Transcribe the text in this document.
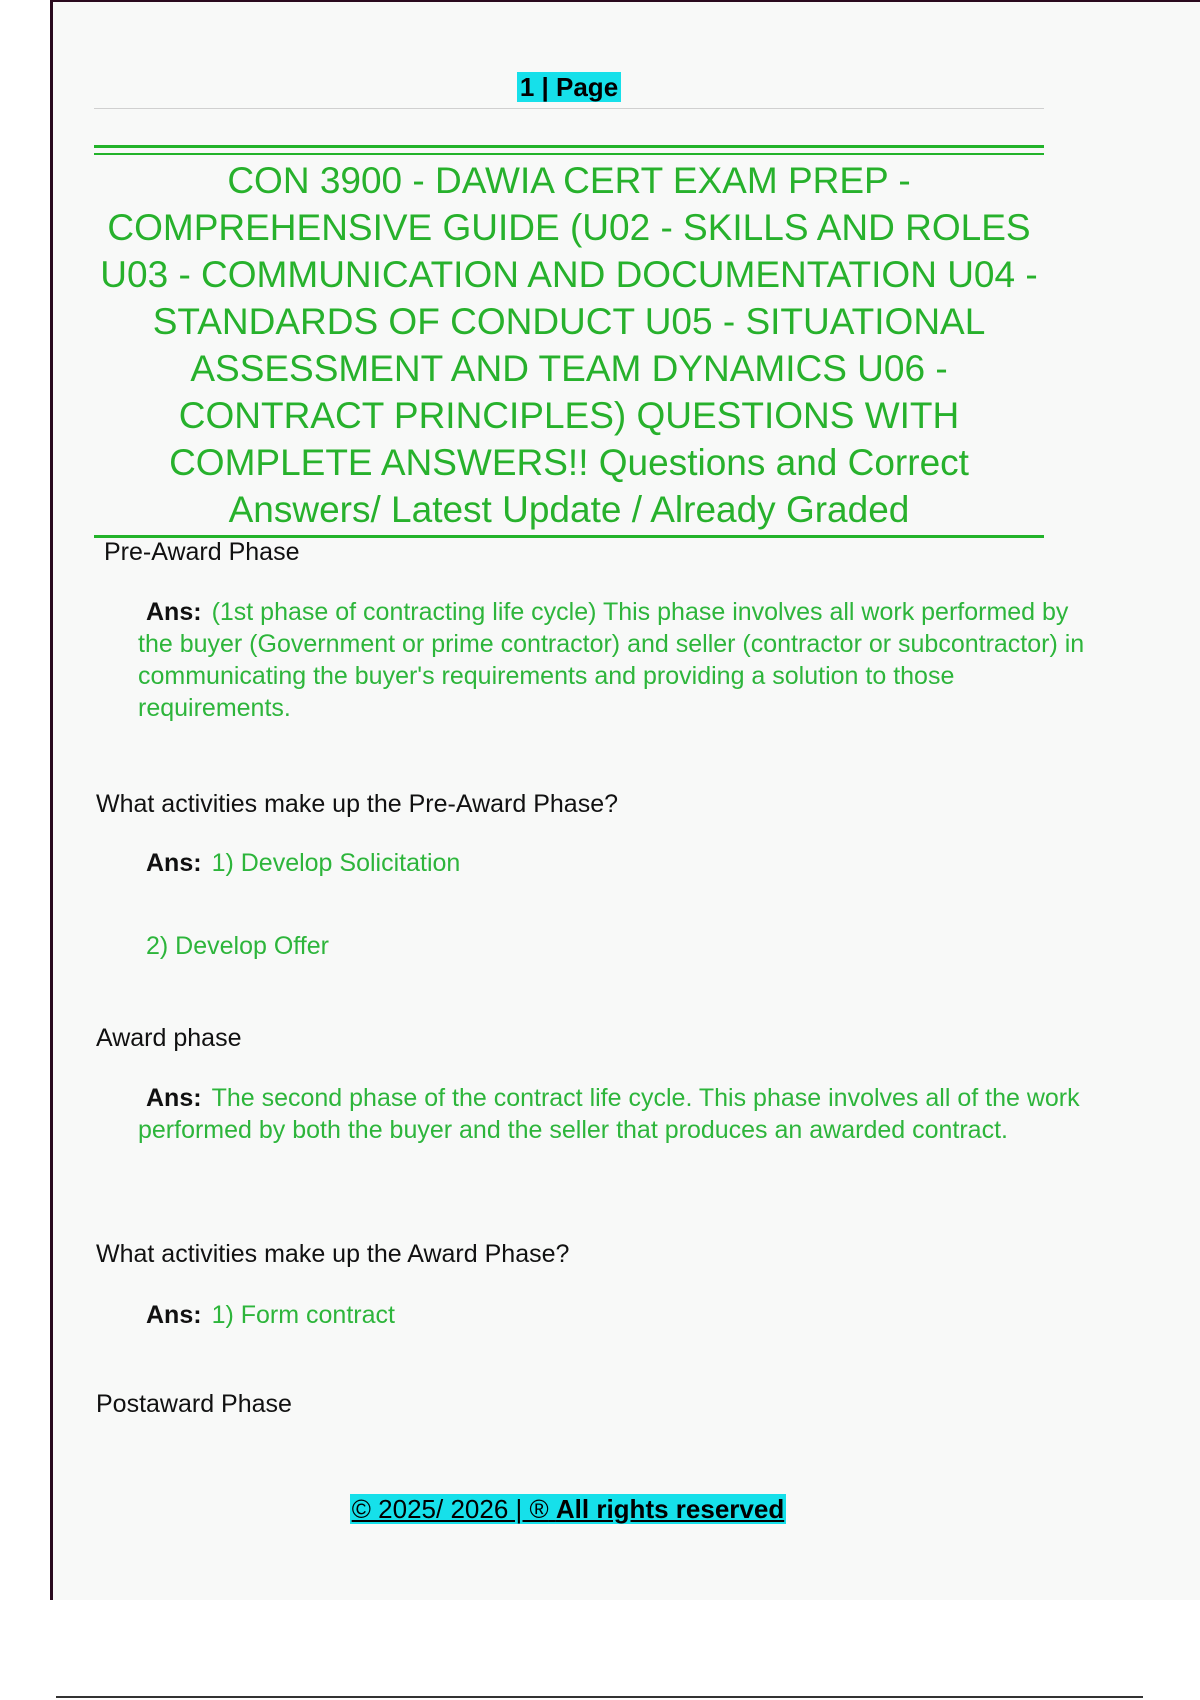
1 | Page
CON 3900 - DAWIA CERT EXAM PREP - COMPREHENSIVE GUIDE (U02 - SKILLS AND ROLES U03 - COMMUNICATION AND DOCUMENTATION U04 - STANDARDS OF CONDUCT U05 - SITUATIONAL ASSESSMENT AND TEAM DYNAMICS U06 - CONTRACT PRINCIPLES) QUESTIONS WITH COMPLETE ANSWERS!! Questions and Correct Answers/ Latest Update / Already Graded
Pre-Award Phase
Ans: (1st phase of contracting life cycle) This phase involves all work performed by the buyer (Government or prime contractor) and seller (contractor or subcontractor) in communicating the buyer's requirements and providing a solution to those requirements.
What activities make up the Pre-Award Phase?
Ans: 1) Develop Solicitation
2) Develop Offer
Award phase
Ans: The second phase of the contract life cycle. This phase involves all of the work performed by both the buyer and the seller that produces an awarded contract.
What activities make up the Award Phase?
Ans: 1) Form contract
Postaward Phase
© 2025/ 2026 | ® All rights reserved
